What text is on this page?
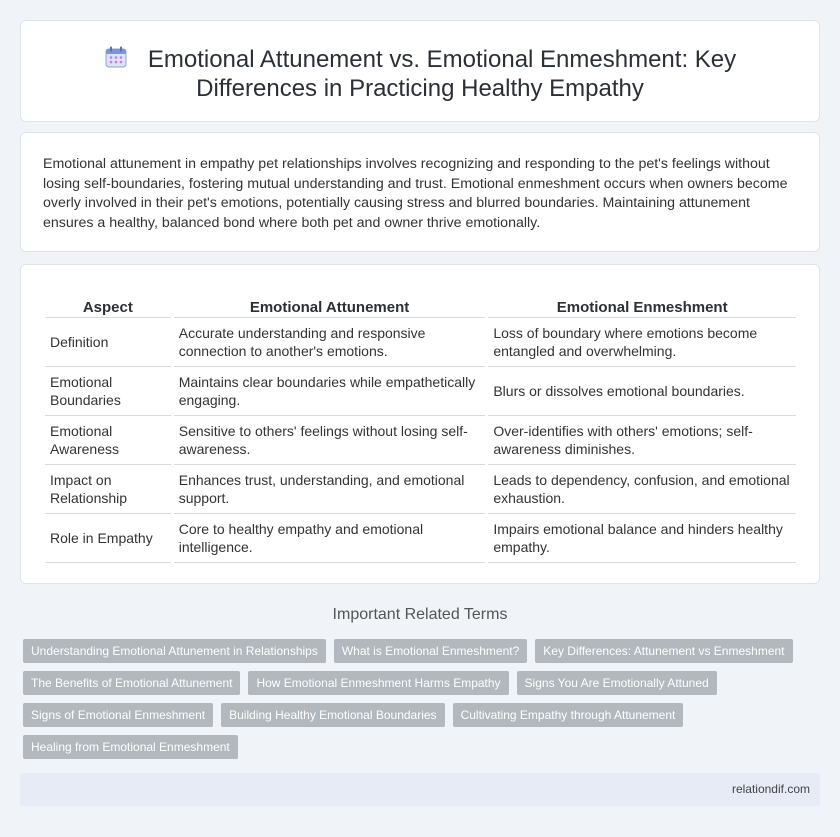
Emotional Attunement vs. Emotional Enmeshment: Key
Differences in Practicing Healthy Empathy

Emotional attunement in empathy pet relationships involves recognizing and responding to the pet's feelings without losing self-boundaries, fostering mutual understanding and trust. Emotional enmeshment occurs when owners become overly involved in their pet's emotions, potentially causing stress and blurred boundaries. Maintaining attunement ensures a healthy, balanced bond where both pet and owner thrive emotionally.

Aspect	Emotional Attunement	Emotional Enmeshment
Definition	Accurate understanding and responsive connection to another's emotions.	Loss of boundary where emotions become entangled and overwhelming.
Emotional Boundaries	Maintains clear boundaries while empathetically engaging.	Blurs or dissolves emotional boundaries.
Emotional Awareness	Sensitive to others' feelings without losing self-awareness.	Over-identifies with others' emotions; self-awareness diminishes.
Impact on Relationship	Enhances trust, understanding, and emotional support.	Leads to dependency, confusion, and emotional exhaustion.
Role in Empathy	Core to healthy empathy and emotional intelligence.	Impairs emotional balance and hinders healthy empathy.
Important Related Terms
Understanding Emotional Attunement in Relationships	What is Emotional Enmeshment?	Key Differences: Attunement vs Enmeshment
The Benefits of Emotional Attunement	How Emotional Enmeshment Harms Empathy	Signs You Are Emotionally Attuned
Signs of Emotional Enmeshment	Building Healthy Emotional Boundaries	Cultivating Empathy through Attunement
Healing from Emotional Enmeshment
relationdif.com
